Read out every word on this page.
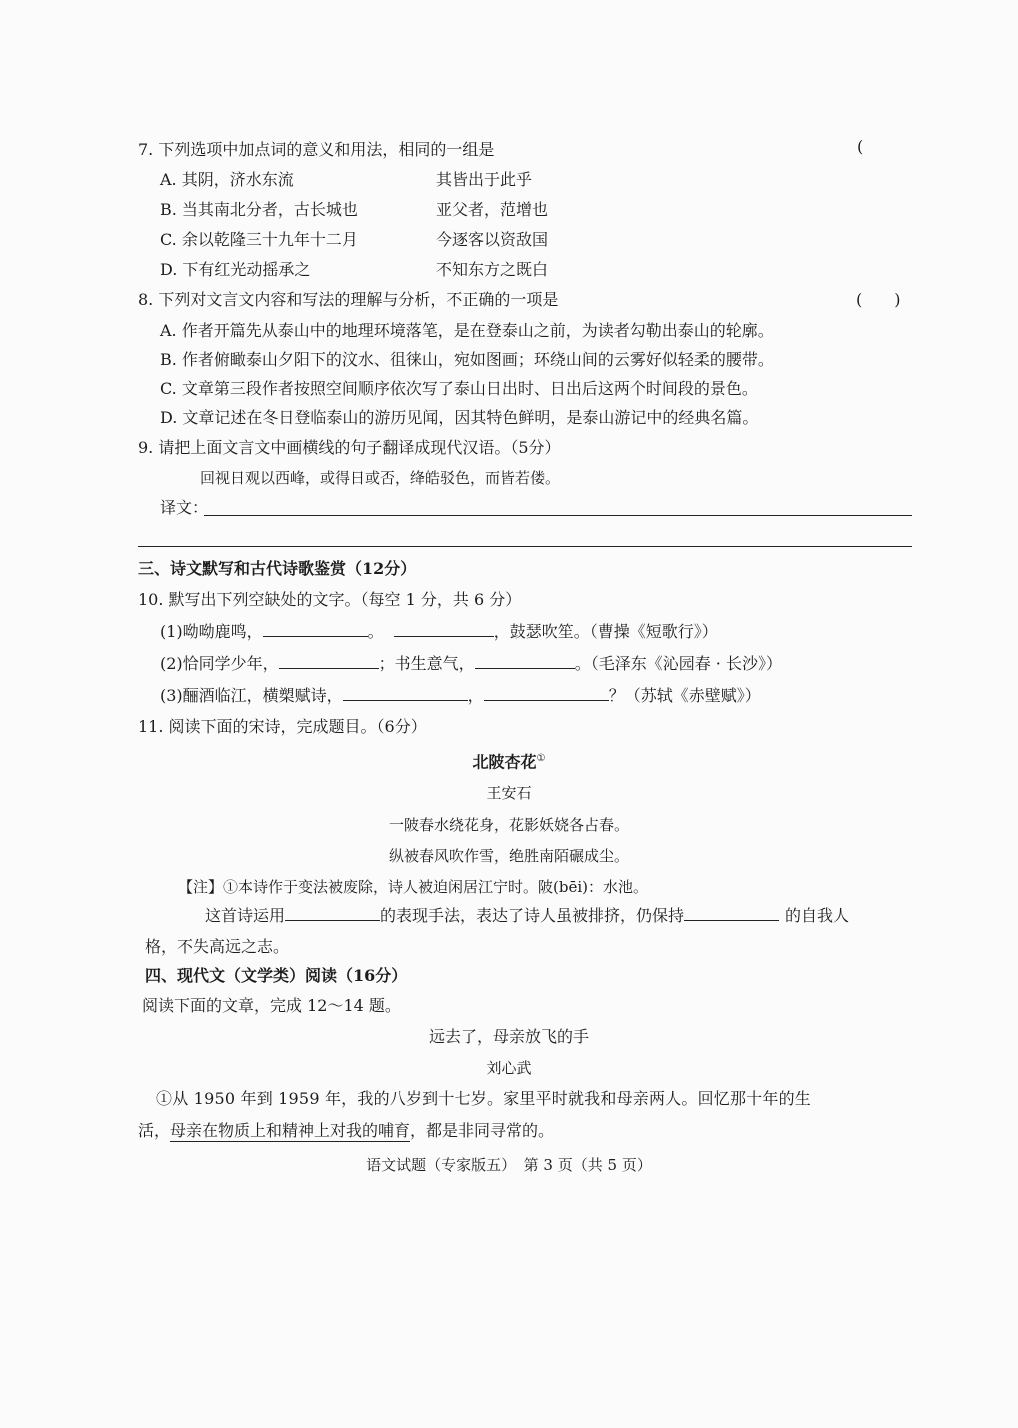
7. 下列选项中加点词的意义和用法，相同的一组是	(
A. 其阴，济水东流	其皆出于此乎
B. 当其南北分者，古长城也	亚父者，范增也
C. 余以乾隆三十九年十二月	今逐客以资敌国
D. 下有红光动摇承之	不知东方之既白
8. 下列对文言文内容和写法的理解与分析，不正确的一项是	(　　)
A. 作者开篇先从泰山中的地理环境落笔，是在登泰山之前，为读者勾勒出泰山的轮廓。
B. 作者俯瞰泰山夕阳下的汶水、徂徕山，宛如图画；环绕山间的云雾好似轻柔的腰带。
C. 文章第三段作者按照空间顺序依次写了泰山日出时、日出后这两个时间段的景色。
D. 文章记述在冬日登临泰山的游历见闻，因其特色鲜明，是泰山游记中的经典名篇。
9. 请把上面文言文中画横线的句子翻译成现代汉语。（5分）
回视日观以西峰，或得日或否，绛皓驳色，而皆若偻。
译文：
三、诗文默写和古代诗歌鉴赏（12分）
10. 默写出下列空缺处的文字。（每空 1 分，共 6 分）
(1)呦呦鹿鸣，	。	，鼓瑟吹笙。（曹操《短歌行》）
(2)恰同学少年，	；书生意气，	。（毛泽东《沁园春 · 长沙》）
(3)酾酒临江，横槊赋诗，	，	？（苏轼《赤壁赋》）
11. 阅读下面的宋诗，完成题目。（6分）
北陂杏花①
王安石
一陂春水绕花身，花影妖娆各占春。
纵被春风吹作雪，绝胜南陌碾成尘。
【注】①本诗作于变法被废除，诗人被迫闲居江宁时。陂(bēi)：水池。
这首诗运用	的表现手法，表达了诗人虽被排挤，仍保持	的自我人
格，不失高远之志。
四、现代文（文学类）阅读（16分）
阅读下面的文章，完成 12～14 题。
远去了，母亲放飞的手
刘心武
①从 1950 年到 1959 年，我的八岁到十七岁。家里平时就我和母亲两人。回忆那十年的生
活，母亲在物质上和精神上对我的哺育，都是非同寻常的。
语文试题（专家版五）　第 3 页（共 5 页）
